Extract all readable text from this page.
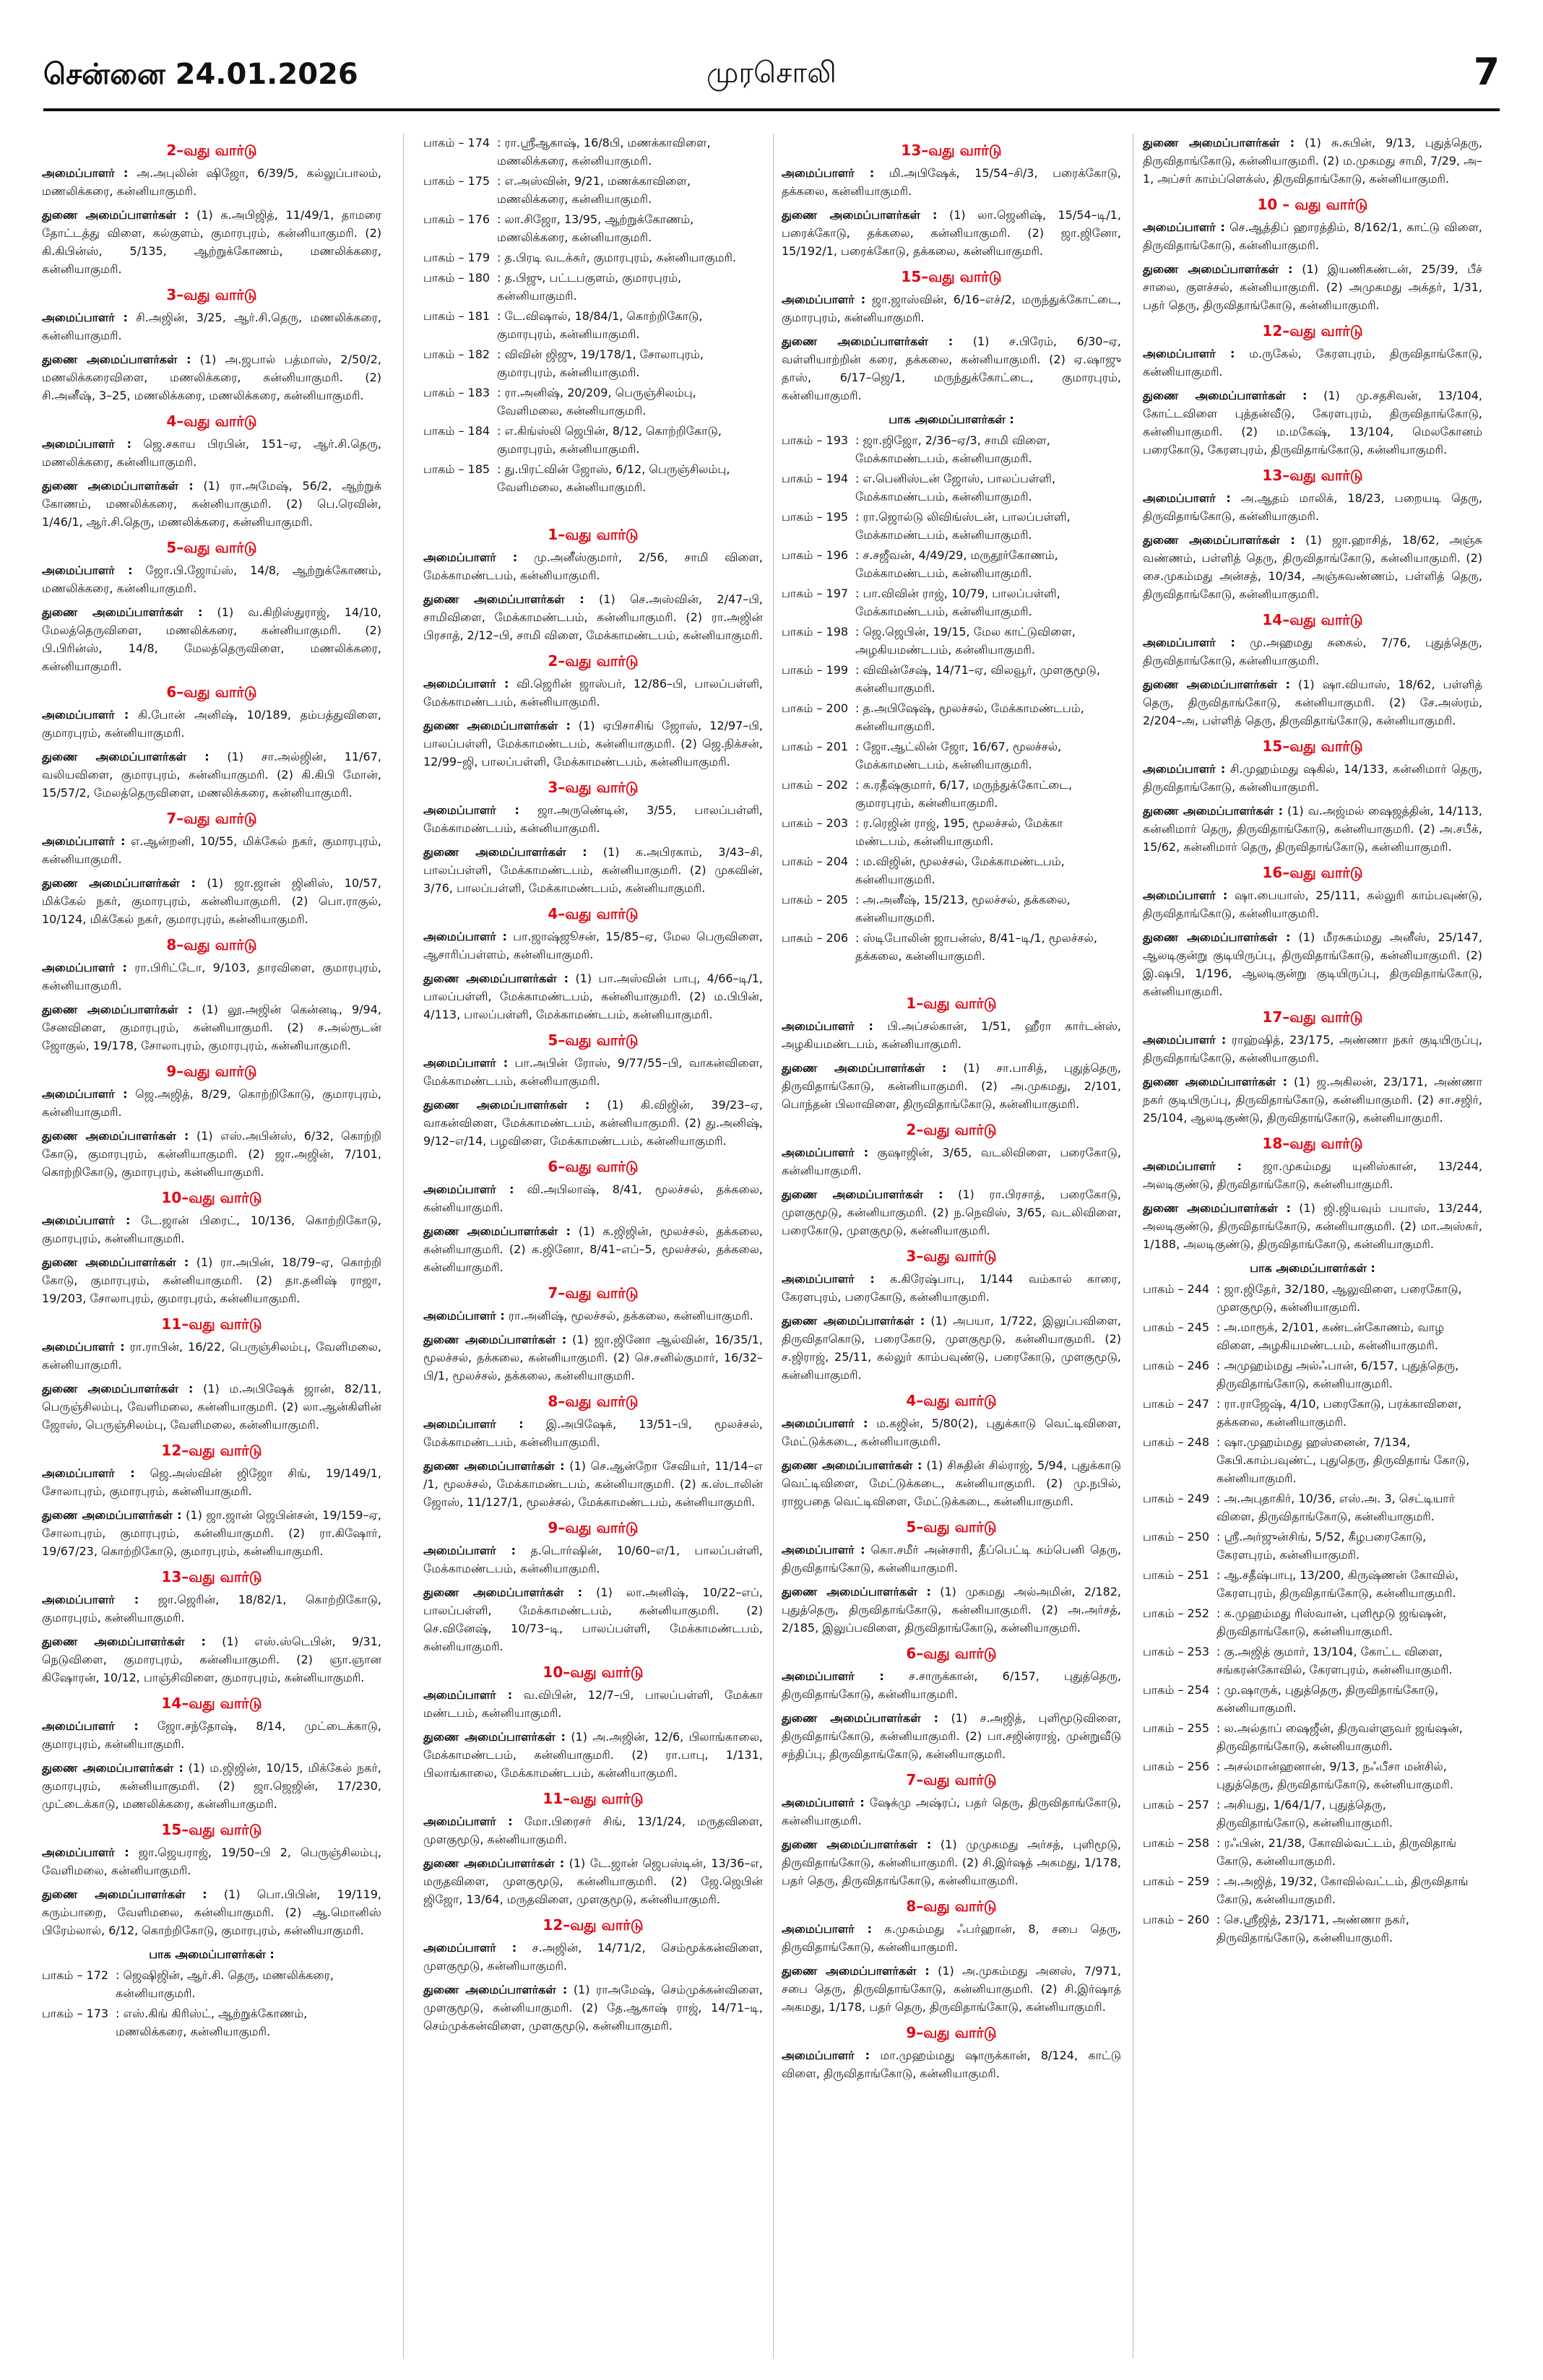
சென்னை 24.01.2026	முரசொலி	7
2–வது வார்டு

அமைப்பாளர் : அ.அபுலின் ஷிஜோ, 6/39/5, கல்லுப்பாலம், மணலிக்கரை, கன்னியாகுமரி.

துணை அமைப்பாளர்கள் : (1) க.அபிஜித், 11/49/1, தாமரை தோட்டத்து விளை, கல்குளம், குமாரபுரம், கன்னியாகுமரி. (2) கி.கிபின்ஸ், 5/135, ஆற்றுக்கோணம், மணலிக்கரை, கன்னியாகுமரி.

3–வது வார்டு

அமைப்பாளர் : சி.அஜின், 3/25, ஆர்.சி.தெரு, மணலிக்கரை, கன்னியாகுமரி.

துணை அமைப்பாளர்கள் : (1) அ.ஜபால் பத்மாஸ், 2/50/2, மணலிக்கரைவிளை, மணலிக்கரை, கன்னியாகுமரி. (2) சி.அனீஷ், 3–25, மணலிக்கரை, மணலிக்கரை, கன்னியாகுமரி.

4–வது வார்டு

அமைப்பாளர் : ஜெ.சகாய பிரபின், 151–ஏ, ஆர்.சி.தெரு, மணலிக்கரை, கன்னியாகுமரி.

துணை அமைப்பாளர்கள் : (1) ரா.அமேஷ், 56/2, ஆற்றுக் கோணம், மணலிக்கரை, கன்னியாகுமரி. (2) பெ.ரெவின், 1/46/1, ஆர்.சி.தெரு, மணலிக்கரை, கன்னியாகுமரி.

5–வது வார்டு

அமைப்பாளர் : ஜோ.பி.ஜோய்ஸ், 14/8, ஆற்றுக்கோணம், மணலிக்கரை, கன்னியாகுமரி.

துணை அமைப்பாளர்கள் : (1) வ.கிறிஸ்துராஜ், 14/10, மேலத்தெருவிளை, மணலிக்கரை, கன்னியாகுமரி. (2) பி.பிரின்ஸ், 14/8, மேலத்தெருவிளை, மணலிக்கரை, கன்னியாகுமரி.

6–வது வார்டு

அமைப்பாளர் : கி.போன் அனிஷ், 10/189, தம்பத்துவிளை, குமாரபுரம், கன்னியாகுமரி.

துணை அமைப்பாளர்கள் : (1) சா.அல்ஜின், 11/67, வலியவிளை, குமாரபுரம், கன்னியாகுமரி. (2) கி.கிபி மோன், 15/57/2, மேலத்தெருவிளை, மணலிக்கரை, கன்னியாகுமரி.

7–வது வார்டு

அமைப்பாளர் : எ.ஆன்றனி, 10/55, மிக்கேல் நகர், குமாரபுரம், கன்னியாகுமரி.

துணை அமைப்பாளர்கள் : (1) ஜா.ஜான் ஜினிஸ், 10/57, மிக்கேல் நகர், குமாரபுரம், கன்னியாகுமரி. (2) பொ.ராகுல், 10/124, மிக்கேல் நகர், குமாரபுரம், கன்னியாகுமரி.

8–வது வார்டு

அமைப்பாளர் : ரா.பிரிட்டோ, 9/103, தாரவிளை, குமாரபுரம், கன்னியாகுமரி.

துணை அமைப்பாளர்கள் : (1) லூ.அஜின் கென்னடி, 9/94, சேனவிளை, குமாரபுரம், கன்னியாகுமரி. (2) ச.அல்ரூடன் ஜோகுல், 19/178, சோலாபுரம், குமாரபுரம், கன்னியாகுமரி.

9–வது வார்டு

அமைப்பாளர் : ஜெ.அஜித், 8/29, கொற்றிகோடு, குமாரபுரம், கன்னியாகுமரி.

துணை அமைப்பாளர்கள் : (1) எஸ்.அபின்ஸ், 6/32, கொற்றி கோடு, குமாரபுரம், கன்னியாகுமரி. (2) ஜா.அஜின், 7/101, கொற்றிகோடு, குமாரபுரம், கன்னியாகுமரி.

10–வது வார்டு

அமைப்பாளர் : டே.ஜான் பிரைட், 10/136, கொற்றிகோடு, குமாரபுரம், கன்னியாகுமரி.

துணை அமைப்பாளர்கள் : (1) ரா.அபின், 18/79–ஏ, கொற்றி கோடு, குமாரபுரம், கன்னியாகுமரி. (2) தா.தனிஷ் ராஜா, 19/203, சோலாபுரம், குமாரபுரம், கன்னியாகுமரி.

11–வது வார்டு

அமைப்பாளர் : ரா.ராபின், 16/22, பெருஞ்சிலம்பு, வேளிமலை, கன்னியாகுமரி.

துணை அமைப்பாளர்கள் : (1) ம.அபிஷேக் ஜான், 82/11, பெருஞ்சிலம்பு, வேளிமலை, கன்னியாகுமரி. (2) லா.ஆன்கிளின் ஜோஸ், பெருஞ்சிலம்பு, வேளிமலை, கன்னியாகுமரி.

12–வது வார்டு

அமைப்பாளர் : ஜெ.அஸ்வின் ஜிஜோ சிங், 19/149/1, சோலாபுரம், குமாரபுரம், கன்னியாகுமரி.

துணை அமைப்பாளர்கள் : (1) ஜா.ஜான் ஜெபின்சன், 19/159–ஏ, சோலாபுரம், குமாரபுரம், கன்னியாகுமரி. (2) ரா.கிஷோர், 19/67/23, கொற்றிகோடு, குமாரபுரம், கன்னியாகுமரி.

13–வது வார்டு

அமைப்பாளர் : ஜா.ஜெரின், 18/82/1, கொற்றிகோடு, குமாரபுரம், கன்னியாகுமரி.

துணை அமைப்பாளர்கள் : (1) எஸ்.ஸ்டெபின், 9/31, நெடுவிளை, குமாரபுரம், கன்னியாகுமரி. (2) ஞா.ஞான கிஷோரன், 10/12, பாஞ்சிவிளை, குமாரபுரம், கன்னியாகுமரி.

14–வது வார்டு

அமைப்பாளர் : ஜோ.சந்தோஷ், 8/14, முட்டைக்காடு, குமாரபுரம், கன்னியாகுமரி.

துணை அமைப்பாளர்கள் : (1) ம.ஜிஜின், 10/15, மிக்கேல் நகர், குமாரபுரம், கன்னியாகுமரி. (2) ஜா.ஜெஜின், 17/230, முட்டைக்காடு, மணலிக்கரை, கன்னியாகுமரி.

15–வது வார்டு

அமைப்பாளர் : ஜா.ஜெயராஜ், 19/50–பி 2, பெருஞ்சிலம்பு, வேளிமலை, கன்னியாகுமரி.

துணை அமைப்பாளர்கள் : (1) பொ.பிபின், 19/119, கரும்பாறை, வேளிமலை, கன்னியாகுமரி. (2) ஆ.மொனிஸ் பிரேம்லால், 6/12, கொற்றிகோடு, குமாரபுரம், கன்னியாகுமரி.

பாக அமைப்பாளர்கள் :
பாகம் – 172 : ஜெஷிஜின், ஆர்.சி. தெரு, மணலிக்கரை, கன்னியாகுமரி.
பாகம் – 173 : எஸ்.கிங் கிரிஸ்ட், ஆற்றுக்கோணம், மணலிக்கரை, கன்னியாகுமரி.
பாகம் – 174 : ரா.ஸ்ரீஆகாஷ், 16/8பி, மணக்காவிளை, மணலிக்கரை, கன்னியாகுமரி.
பாகம் – 175 : எ.அஸ்வின், 9/21, மணக்காவிளை, மணலிக்கரை, கன்னியாகுமரி.
பாகம் – 176 : லா.சிஜோ, 13/95, ஆற்றுக்கோணம், மணலிக்கரை, கன்னியாகுமரி.
பாகம் – 179 : த.பிரடி வடக்கர், குமாரபுரம், கன்னியாகுமரி.
பாகம் – 180 : த.பிஜு, பட்டபகுளம், குமாரபுரம், கன்னியாகுமரி.
பாகம் – 181 : டே.விஷால், 18/84/1, கொற்றிகோடு, குமாரபுரம், கன்னியாகுமரி.
பாகம் – 182 : விவின் ஜிஜு, 19/178/1, சோலாபுரம், குமாரபுரம், கன்னியாகுமரி.
பாகம் – 183 : ரா.அனிஷ், 20/209, பெருஞ்சிலம்பு, வேளிமலை, கன்னியாகுமரி.
பாகம் – 184 : எ.கிங்ஸ்லி ஜெபின், 8/12, கொற்றிகோடு, குமாரபுரம், கன்னியாகுமரி.
பாகம் – 185 : து.பிரட்வின் ஜோஸ், 6/12, பெருஞ்சிலம்பு, வேளிமலை, கன்னியாகுமரி.
1–வது வார்டு

அமைப்பாளர் : மு.அனீஸ்குமார், 2/56, சாமி விளை, மேக்காமண்டபம், கன்னியாகுமரி.

துணை அமைப்பாளர்கள் : (1) செ.அஸ்வின், 2/47–பி, சாமிவிளை, மேக்காமண்டபம், கன்னியாகுமரி. (2) ரா.அஜின் பிரசாத், 2/12–பி, சாமி விளை, மேக்காமண்டபம், கன்னியாகுமரி.

2–வது வார்டு

அமைப்பாளர் : வி.ஜெரின் ஜாஸ்பர், 12/86–பி, பாலப்பள்ளி, மேக்காமண்டபம், கன்னியாகுமரி.

துணை அமைப்பாளர்கள் : (1) ஏபிசாசிங் ஜோஸ், 12/97–பி, பாலப்பள்ளி, மேக்காமண்டபம், கன்னியாகுமரி. (2) ஜெ.நிக்சன், 12/99–ஜி, பாலப்பள்ளி, மேக்காமண்டபம், கன்னியாகுமரி.

3–வது வார்டு

அமைப்பாளர் : ஜா.அருணெ்டின், 3/55, பாலப்பள்ளி, மேக்காமண்டபம், கன்னியாகுமரி.

துணை அமைப்பாளர்கள் : (1) க.அபிரகாம், 3/43–சி, பாலப்பள்ளி, மேக்காமண்டபம், கன்னியாகுமரி. (2) முகவின், 3/76, பாலப்பள்ளி, மேக்காமண்டபம், கன்னியாகுமரி.

4–வது வார்டு

அமைப்பாளர் : பா.ஜாஷ்ஜூசன், 15/85–ஏ, மேல பெருவிளை, ஆசாரிப்பள்ளம், கன்னியாகுமரி.

துணை அமைப்பாளர்கள் : (1) பா.அஸ்வின் பாபு, 4/66–டி/1, பாலப்பள்ளி, மேக்காமண்டபம், கன்னியாகுமரி. (2) ம.பிபின், 4/113, பாலப்பள்ளி, மேக்காமண்டபம், கன்னியாகுமரி.

5–வது வார்டு

அமைப்பாளர் : பா.அபின் ரோஸ், 9/77/55–பி, வாகன்விளை, மேக்காமண்டபம், கன்னியாகுமரி.

துணை அமைப்பாளர்கள் : (1) கி.விஜின், 39/23–ஏ, வாகன்விளை, மேக்காமண்டபம், கன்னியாகுமரி. (2) து.அனிஷ், 9/12–எ/14, பழவிளை, மேக்காமண்டபம், கன்னியாகுமரி.

6–வது வார்டு

அமைப்பாளர் : வி.அபிலாஷ், 8/41, மூலச்சல், தக்கலை, கன்னியாகுமரி.

துணை அமைப்பாளர்கள் : (1) க.ஜிஜின், மூலச்சல், தக்கலை, கன்னியாகுமரி. (2) க.ஜினோ, 8/41–எப்–5, மூலச்சல், தக்கலை, கன்னியாகுமரி.

7–வது வார்டு

அமைப்பாளர் : ரா.அனிஷ், மூலச்சல், தக்கலை, கன்னியாகுமரி.

துணை அமைப்பாளர்கள் : (1) ஜா.ஜினோ ஆல்வின், 16/35/1, மூலச்சல், தக்கலை, கன்னியாகுமரி. (2) செ.சனில்குமார், 16/32–பி/1, மூலச்சல், தக்கலை, கன்னியாகுமரி.

8–வது வார்டு

அமைப்பாளர் : இ.அபிஷேக், 13/51–பி, மூலச்சல், மேக்காமண்டபம், கன்னியாகுமரி.

துணை அமைப்பாளர்கள் : (1) செ.ஆன்றோ சேவியர், 11/14–எ /1, மூலச்சல், மேக்காமண்டபம், கன்னியாகுமரி. (2) க.ஸ்டாலின் ஜோஸ், 11/127/1, மூலச்சல், மேக்காமண்டபம், கன்னியாகுமரி.

9–வது வார்டு

அமைப்பாளர் : த.டொர்ஷின், 10/60–எ/1, பாலப்பள்ளி, மேக்காமண்டபம், கன்னியாகுமரி.

துணை அமைப்பாளர்கள் : (1) லா.அனிஷ், 10/22–எப், பாலப்பள்ளி, மேக்காமண்டபம், கன்னியாகுமரி. (2) செ.வினேஷ், 10/73–டி, பாலப்பள்ளி, மேக்காமண்டபம், கன்னியாகுமரி.

10–வது வார்டு

அமைப்பாளர் : வ.விபின், 12/7–பி, பாலப்பள்ளி, மேக்கா மண்டபம், கன்னியாகுமரி.

துணை அமைப்பாளர்கள் : (1) அ.அஜின், 12/6, பிலாங்காலை, மேக்காமண்டபம், கன்னியாகுமரி. (2) ரா.பாபு, 1/131, பிலாங்காலை, மேக்காமண்டபம், கன்னியாகுமரி.

11–வது வார்டு

அமைப்பாளர் : மோ.பிரைசர் சிங், 13/1/24, மருதவிளை, முளகுமூடு, கன்னியாகுமரி.

துணை அமைப்பாளர்கள் : (1) டே.ஜான் ஜெபஸ்டின், 13/36–எ, மருதவிளை, முளகுமூடு, கன்னியாகுமரி. (2) ஜே.ஜெபின் ஜிஜோ, 13/64, மருதவிளை, முளகுமூடு, கன்னியாகுமரி.

12–வது வார்டு

அமைப்பாளர் : ச.அஜின், 14/71/2, செம்மூக்கன்விளை, முளகுமூடு, கன்னியாகுமரி.

துணை அமைப்பாளர்கள் : (1) ராஅமேஷ், செம்முக்கன்விளை, முளகுமூடு, கன்னியாகுமரி. (2) தே.ஆகாஷ் ராஜ், 14/71–டி, செம்முக்கன்விளை, முளகுமூடு, கன்னியாகுமரி.

13–வது வார்டு

அமைப்பாளர் : மி.அபிஷேக், 15/54–சி/3, பரைக்கோடு, தக்கலை, கன்னியாகுமரி.

துணை அமைப்பாளர்கள் : (1) லா.ஜெனிஷ், 15/54–டி/1, பரைக்கோடு, தக்கலை, கன்னியாகுமரி. (2) ஜா.ஜினோ, 15/192/1, பரைக்கோடு, தக்கலை, கன்னியாகுமரி.

15–வது வார்டு

அமைப்பாளர் : ஜா.ஜாஸ்வின், 6/16–எச்/2, மருந்துக்கோட்டை, குமாரபுரம், கன்னியாகுமரி.

துணை அமைப்பாளர்கள் : (1) ச.பிரேம், 6/30–ஏ, வள்ளியாற்றின் கரை, தக்கலை, கன்னியாகுமரி. (2) ஏ.ஷாஜு தாஸ், 6/17–ஜெ/1, மருந்துக்கோட்டை, குமாரபுரம், கன்னியாகுமரி.

பாக அமைப்பாளர்கள் :
பாகம் – 193 : ஜா.ஜிஜோ, 2/36–ஏ/3, சாமி விளை, மேக்காமண்டபம், கன்னியாகுமரி.
பாகம் – 194 : எ.பெனிஸ்டன் ஜோஸ், பாலப்பள்ளி, மேக்காமண்டபம், கன்னியாகுமரி.
பாகம் – 195 : ரா.ஜொல்டு லிவிங்ஸ்டன், பாலப்பள்ளி, மேக்காமண்டபம், கன்னியாகுமரி.
பாகம் – 196 : ச.சஜீவன், 4/49/29, மருதூர்கோணம், மேக்காமண்டபம், கன்னியாகுமரி.
பாகம் – 197 : பா.விவின் ராஜ், 10/79, பாலப்பள்ளி, மேக்காமண்டபம், கன்னியாகுமரி.
பாகம் – 198 : ஜெ.ஜெபின், 19/15, மேல காட்டுவிளை, அழகியமண்டபம், கன்னியாகுமரி.
பாகம் – 199 : விவின்சேஷ், 14/71–ஏ, விலவூர், முளகுமூடு, கன்னியாகுமரி.
பாகம் – 200 : த.அபிஷேஷ், மூலச்சல், மேக்காமண்டபம், கன்னியாகுமரி.
பாகம் – 201 : ஜோ.ஆட்லின் ஜோ, 16/67, மூலச்சல், மேக்காமண்டபம், கன்னியாகுமரி.
பாகம் – 202 : க.ரதீஷ்குமார், 6/17, மருந்துக்கோட்டை, குமாரபுரம், கன்னியாகுமரி.
பாகம் – 203 : ர.ரெஜின் ராஜ், 195, மூலச்சல், மேக்கா மண்டபம், கன்னியாகுமரி.
பாகம் – 204 : ம.விஜின், மூலச்சல், மேக்காமண்டபம், கன்னியாகுமரி.
பாகம் – 205 : அ.அனீஷ், 15/213, மூலச்சல், தக்கலை, கன்னியாகுமரி.
பாகம் – 206 : ஸ்டிபோலின் ஜாபன்ஸ், 8/41–டி/1, மூலச்சல், தக்கலை, கன்னியாகுமரி.
1–வது வார்டு

அமைப்பாளர் : பி.அப்சல்கான், 1/51, ஹீரா கார்டன்ஸ், அழகியமண்டபம், கன்னியாகுமரி.

துணை அமைப்பாளர்கள் : (1) சா.பாசித், புதுத்தெரு, திருவிதாங்கோடு, கன்னியாகுமரி. (2) அ.முகமது, 2/101, பொந்தன் பிலாவிளை, திருவிதாங்கோடு, கன்னியாகுமரி.

2–வது வார்டு

அமைப்பாளர் : குஷாஜின், 3/65, வடலிவிளை, பரைகோடு, கன்னியாகுமரி.

துணை அமைப்பாளர்கள் : (1) ரா.பிரசாத், பரைகோடு, முளகுமூடு, கன்னியாகுமரி. (2) ந.நெவிஸ், 3/65, வடலிவிளை, பரைகோடு, முளகுமூடு, கன்னியாகுமரி.

3–வது வார்டு

அமைப்பாளர் : க.கிரேஷ்பாபு, 1/144 வம்கால் காரை, கேரளபுரம், பரைகோடு, கன்னியாகுமரி.

துணை அமைப்பாளர்கள் : (1) அபயா, 1/722, இலுப்பவிளை, திருவிதாகொடு, பரைகோடு, முளகுமூடு, கன்னியாகுமரி. (2) ச.ஜிராஜ், 25/11, கல்லுர் காம்பவுண்டு, பரைகோடு, முளகுமூடு, கன்னியாகுமரி.

4–வது வார்டு

அமைப்பாளர் : ம.கஜின், 5/80(2), புதுக்காடு வெட்டிவிளை, மேட்டுக்கடை, கன்னியாகுமரி.

துணை அமைப்பாளர்கள் : (1) சிசுதின் சில்ராஜ், 5/94, புதுக்காடு வெட்டிவிளை, மேட்டுக்கடை, கன்னியாகுமரி. (2) மு.நபில், ராஜபதை வெட்டிவிளை, மேட்டுக்கடை, கன்னியாகுமரி.

5–வது வார்டு

அமைப்பாளர் : கொ.சமீர் அன்சாரி, தீப்பெட்டி கம்பெனி தெரு, திருவிதாங்கோடு, கன்னியாகுமரி.

துணை அமைப்பாளர்கள் : (1) முகமது அல்அமின், 2/182, புதுத்தெரு, திருவிதாங்கோடு, கன்னியாகுமரி. (2) அ.அர்சத், 2/185, இலுப்பவிளை, திருவிதாங்கோடு, கன்னியாகுமரி.

6–வது வார்டு

அமைப்பாளர் : ச.சாருக்கான், 6/157, புதுத்தெரு, திருவிதாங்கோடு, கன்னியாகுமரி.

துணை அமைப்பாளர்கள் : (1) ச.அஜித், புளிமூடுவிளை, திருவிதாங்கோடு, கன்னியாகுமரி. (2) பா.சஜின்ராஜ், முன்றுவீடு சந்திப்பு, திருவிதாங்கோடு, கன்னியாகுமரி.

7–வது வார்டு

அமைப்பாளர் : ஷேக்மு அஷ்ரப், பதர் தெரு, திருவிதாங்கோடு, கன்னியாகுமரி.

துணை அமைப்பாளர்கள் : (1) முமுகமது அர்சத், புளிமூடு, திருவிதாங்கோடு, கன்னியாகுமரி. (2) சி.இர்ஷத் அகமது, 1/178, பதர் தெரு, திருவிதாங்கோடு, கன்னியாகுமரி.

8–வது வார்டு

அமைப்பாளர் : க.முகம்மது ஃபர்ஹான், 8, சபை தெரு, திருவிதாங்கோடு, கன்னியாகுமரி.

துணை அமைப்பாளர்கள் : (1) அ.முகம்மது அனஸ், 7/971, சபை தெரு, திருவிதாங்கோடு, கன்னியாகுமரி. (2) சி.இர்ஷாத் அகமது, 1/178, பதர் தெரு, திருவிதாங்கோடு, கன்னியாகுமரி.

9–வது வார்டு

அமைப்பாளர் : மா.முஹம்மது ஷாருக்கான், 8/124, காட்டு விளை, திருவிதாங்கோடு, கன்னியாகுமரி.

துணை அமைப்பாளர்கள் : (1) சு.சுபின், 9/13, புதுத்தெரு, திருவிதாங்கோடு, கன்னியாகுமரி. (2) ம.முகமது சாமி, 7/29, அ–1, அப்சர் காம்ப்ளெக்ஸ், திருவிதாங்கோடு, கன்னியாகுமரி.

10 – வது வார்டு

அமைப்பாளர் : செ.ஆத்திப் ஹாரத்திம், 8/162/1, காட்டு விளை, திருவிதாங்கோடு, கன்னியாகுமரி.

துணை அமைப்பாளர்கள் : (1) இயணிகண்டன், 25/39, பீச் சாலை, குளச்சல், கன்னியாகுமரி. (2) அமுகமது அக்தர், 1/31, பதர் தெரு, திருவிதாங்கோடு, கன்னியாகுமரி.

12–வது வார்டு

அமைப்பாளர் : ம.ருகேல், கேரளபுரம், திருவிதாங்கோடு, கன்னியாகுமரி.

துணை அமைப்பாளர்கள் : (1) மு.சதசிவன், 13/104, கோட்டவிளை புத்தன்வீடு, கேரளபுரம், திருவிதாங்கோடு, கன்னியாகுமரி. (2) ம.மகேஷ், 13/104, மெலகோனம் பரைகோடு, கேரளபுரம், திருவிதாங்கோடு, கன்னியாகுமரி.

13–வது வார்டு

அமைப்பாளர் : அ.ஆதம் மாலிக், 18/23, பறையடி தெரு, திருவிதாங்கோடு, கன்னியாகுமரி.

துணை அமைப்பாளர்கள் : (1) ஜா.ஹாசித், 18/62, அஞ்சு வண்ணம், பள்ளித் தெரு, திருவிதாங்கோடு, கன்னியாகுமரி. (2) சை.முகம்மது அன்சத், 10/34, அஞ்சுவண்ணம், பள்ளித் தெரு, திருவிதாங்கோடு, கன்னியாகுமரி.

14–வது வார்டு

அமைப்பாளர் : மு.அஹமது சுகைல், 7/76, புதுத்தெரு, திருவிதாங்கோடு, கன்னியாகுமரி.

துணை அமைப்பாளர்கள் : (1) ஷா.வியாஸ், 18/62, பள்ளித் தெரு, திருவிதாங்கோடு, கன்னியாகுமரி. (2) சே.அஸ்ரம், 2/204–அ, பள்ளித் தெரு, திருவிதாங்கோடு, கன்னியாகுமரி.

15–வது வார்டு

அமைப்பாளர் : சி.முஹம்மது ஷகில், 14/133, கன்னிமார் தெரு, திருவிதாங்கோடு, கன்னியாகுமரி.

துணை அமைப்பாளர்கள் : (1) வ.அஜ்மல் ஷைஜத்தின், 14/113, கன்னிமார் தெரு, திருவிதாங்கோடு, கன்னியாகுமரி. (2) அ.சபீக், 15/62, கன்னிமார் தெரு, திருவிதாங்கோடு, கன்னியாகுமரி.

16–வது வார்டு

அமைப்பாளர் : ஷா.பையாஸ், 25/111, கல்லுரி காம்பவுண்டு, திருவிதாங்கோடு, கன்னியாகுமரி.

துணை அமைப்பாளர்கள் : (1) மீரசுகம்மது அனீஸ், 25/147, ஆலடிகுன்று குடியிருப்பு, திருவிதாங்கோடு, கன்னியாகுமரி. (2) இ.ஷபி, 1/196, ஆலடிகுன்று குடியிருப்பு, திருவிதாங்கோடு, கன்னியாகுமரி.

17–வது வார்டு

அமைப்பாளர் : ராஹ்ஷித், 23/175, அண்ணா நகர் குடியிருப்பு, திருவிதாங்கோடு, கன்னியாகுமரி.

துணை அமைப்பாளர்கள் : (1) ஜ.அகிலன், 23/171, அண்ணா நகர் குடியிருப்பு, திருவிதாங்கோடு, கன்னியாகுமரி. (2) சா.சஜிர், 25/104, ஆலடிகுண்டு, திருவிதாங்கோடு, கன்னியாகுமரி.

18–வது வார்டு

அமைப்பாளர் : ஜா.முகம்மது யுனிஸ்கான், 13/244, அலடிகுண்டு, திருவிதாங்கோடு, கன்னியாகுமரி.

துணை அமைப்பாளர்கள் : (1) ஜி.ஜியவும் பயாஸ், 13/244, அலடிகுண்டு, திருவிதாங்கோடு, கன்னியாகுமரி. (2) மா.அஸ்கர், 1/188, அலடிகுண்டு, திருவிதாங்கோடு, கன்னியாகுமரி.

பாக அமைப்பாளர்கள் :
பாகம் – 244 : ஜா.ஜிதேர், 32/180, ஆலுவிளை, பரைகோடு, முளகுமூடு, கன்னியாகுமரி.
பாகம் – 245 : அ.மாரூக், 2/101, கண்டன்கோணம், வாழ விளை, அழகியமண்டபம், கன்னியாகுமரி.
பாகம் – 246 : அமுஹம்மது அல்ஃபான், 6/157, புதுத்தெரு, திருவிதாங்கோடு, கன்னியாகுமரி.
பாகம் – 247 : ரா.ராஜேஷ், 4/10, பரைகோடு, பரக்காவிளை, தக்கலை, கன்னியாகுமரி.
பாகம் – 248 : ஷா.முஹம்மது ஹஸ்னைன், 7/134, கேபி.காம்பவுண்ட், புதுதெரு, திருவிதாங் கோடு, கன்னியாகுமரி.
பாகம் – 249 : அ.அபுதாகிர், 10/36, எஸ்.அ. 3, செட்டியார் விளை, திருவிதாங்கோடு, கன்னியாகுமரி.
பாகம் – 250 : ஸ்ரீ.அர்ஜுன்சிங், 5/52, கீழபரைகோடு, கேரளபுரம், கன்னியாகுமரி.
பாகம் – 251 : ஆ.சதீஷ்பாபு, 13/200, கிருஷ்ணன் கோவில், கேரளபுரம், திருவிதாங்கோடு, கன்னியாகுமரி.
பாகம் – 252 : க.முஹம்மது ரிஸ்வான், புளிமூடு ஜங்ஷன், திருவிதாங்கோடு, கன்னியாகுமரி.
பாகம் – 253 : கு.அஜித் குமார், 13/104, கோட்ட விளை, சங்கரன்கோவில், கேரளபுரம், கன்னியாகுமரி.
பாகம் – 254 : மு.ஷாருக், புதுத்தெரு, திருவிதாங்கோடு, கன்னியாகுமரி.
பாகம் – 255 : ல.அல்தாப் ஷைஜீன், திருவள்ளுவர் ஜங்ஷன், திருவிதாங்கோடு, கன்னியாகுமரி.
பாகம் – 256 : அசல்மான்ஹனான், 9/13, நஃபீசா மன்சில், புதுத்தெரு, திருவிதாங்கோடு, கன்னியாகுமரி.
பாகம் – 257 : அசியது, 1/64/1/7, புதுத்தெரு, திருவிதாங்கோடு, கன்னியாகுமரி.
பாகம் – 258 : ரஃபின், 21/38, கோவில்வட்டம், திருவிதாங் கோடு, கன்னியாகுமரி.
பாகம் – 259 : அ.அஜித், 19/32, கோவில்வட்டம், திருவிதாங் கோடு, கன்னியாகுமரி.
பாகம் – 260 : செ.ஸ்ரீஜித், 23/171, அண்ணா நகர், திருவிதாங்கோடு, கன்னியாகுமரி.
